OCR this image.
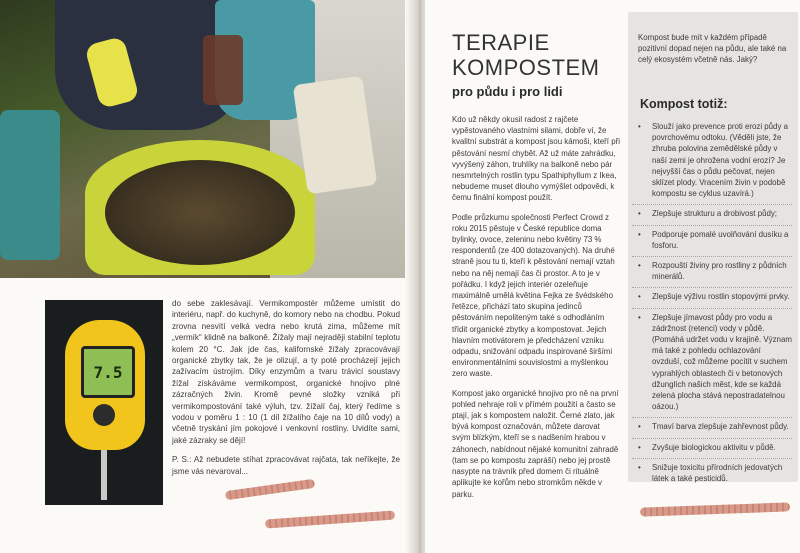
7.5

do sebe zaklesávají. Vermikompostér můžeme umístit do interiéru, např. do kuchyně, do komory nebo na chodbu. Pokud zrovna nesvítí velká vedra nebo krutá zima, můžeme mít „vermík“ klidně na balkoně. Žížaly mají nejraději stabilní teplotu kolem 20 °C. Jak jde čas, kalifornské žížaly zpracovávají organické zbytky tak, že je olizují, a ty poté procházejí jejich zažívacím ústrojím. Díky enzymům a tvaru trávicí soustavy žížal získáváme vermikompost, organické hnojivo plné zázračných živin. Kromě pevné složky vzniká při vermikompostování také výluh, tzv. žížalí čaj, který ředíme s vodou v poměru 1 : 10 (1 díl žížalího čaje na 10 dílů vody) a včetně tryskání jím pokojové i venkovní rostliny. Uvidíte sami, jaké zázraky se dějí!

P. S.: Až nebudete stíhat zpracovávat rajčata, tak neříkejte, že jsme vás nevaroval...

TERAPIE KOMPOSTEM
pro půdu i pro lidi

Kdo už někdy okusil radost z rajčete vypěstovaného vlastními silami, dobře ví, že kvalitní substrát a kompost jsou kámoši, kteří při pěstování nesmí chybět. Až už máte zahrádku, vyvýšený záhon, truhlíky na balkoně nebo pár nesmrtelných rostlin typu Spathiphyllum z Ikea, nebudeme muset dlouho vymýšlet odpovědi, k čemu finální kompost použít.

Podle průzkumu společnosti Perfect Crowd z roku 2015 pěstuje v České republice doma bylinky, ovoce, zeleninu nebo květiny 73 % respondentů (ze 400 dotazovaných). Na druhé straně jsou tu ti, kteří k pěstování nemají vztah nebo na něj nemají čas či prostor. A to je v pořádku. I když jejich interiér ozeleňuje maximálně umělá květina Fejka ze švédského řetězce, přichází tato skupina jedinců pěstováním nepoliteným také s odhodláním třídit organické zbytky a kompostovat. Jejich hlavním motivátorem je předcházení vzniku odpadu, snižování odpadu inspirované širšími environmentálními souvislostmi a myšlenkou zero waste.

Kompost jako organické hnojivo pro ně na první pohled nehraje roli v přímém použití a často se ptají, jak s kompostem naložit. Černé zlato, jak bývá kompost označován, můžete darovat svým blízkým, kteří se s nadšením hrabou v záhonech, nabídnout nějaké komunitní zahradě (tam se po kompostu zapráší) nebo jej prostě nasypte na trávník před domem či rituálně aplikujte ke kořům nebo stromkům někde v parku.

Kompost bude mít v každém případě pozitivní dopad nejen na půdu, ale také na celý ekosystém včetně nás. Jaký?
Kompost totiž:
• Slouží jako prevence proti erozi půdy a povrchovému odtoku. (Věděli jste, že zhruba polovina zemědělské půdy v naší zemi je ohrožena vodní erozí? Je nejvyšší čas o půdu pečovat, nejen sklízet plody. Vracením živin v podobě kompostu se cyklus uzavírá.)
• Zlepšuje strukturu a drobivost půdy;
• Podporuje pomalé uvolňování dusíku a fosforu.
• Rozpouští živiny pro rostliny z půdních minerálů.
• Zlepšuje výživu rostlin stopovými prvky.
• Zlepšuje jímavost půdy pro vodu a zádržnost (retenci) vody v půdě. (Pomáhá udržet vodu v krajině. Význam má také z pohledu ochlazování ovzduší, což můžeme pocítit v suchem vyprahlých oblastech či v betonových džunglích našich měst, kde se každá zelená plocha stává nepostradatelnou oázou.)
• Tmaví barva zlepšuje zahřevnost půdy.
• Zvyšuje biologickou aktivitu v půdě.
• Snižuje toxicitu přírodních jedovatých látek a také pesticidů.
